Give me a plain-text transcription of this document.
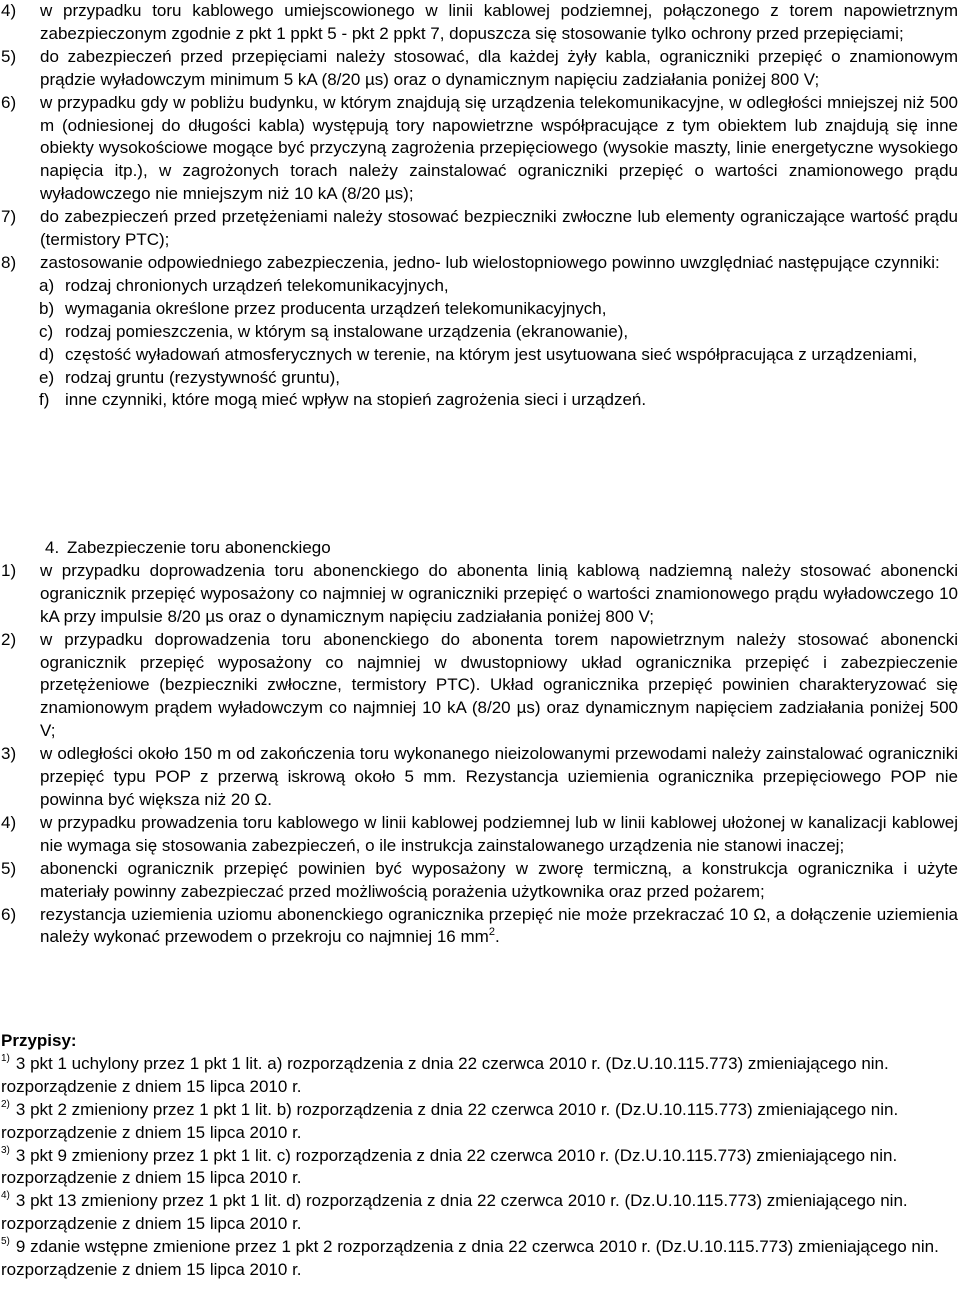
4)	w przypadku toru kablowego umiejscowionego w linii kablowej podziemnej, połączonego z torem napowietrznym zabezpieczonym zgodnie z pkt 1 ppkt 5 - pkt 2 ppkt 7, dopuszcza się stosowanie tylko ochrony przed przepięciami;
5)	do zabezpieczeń przed przepięciami należy stosować, dla każdej żyły kabla, ograniczniki przepięć o znamionowym prądzie wyładowczym minimum 5 kA (8/20 µs) oraz o dynamicznym napięciu zadziałania poniżej 800 V;
6)	w przypadku gdy w pobliżu budynku, w którym znajdują się urządzenia telekomunikacyjne, w odległości mniejszej niż 500 m (odniesionej do długości kabla) występują tory napowietrzne współpracujące z tym obiektem lub znajdują się inne obiekty wysokościowe mogące być przyczyną zagrożenia przepięciowego (wysokie maszty, linie energetyczne wysokiego napięcia itp.), w zagrożonych torach należy zainstalować ograniczniki przepięć o wartości znamionowego prądu wyładowczego nie mniejszym niż 10 kA (8/20 µs);
7)	do zabezpieczeń przed przetężeniami należy stosować bezpieczniki zwłoczne lub elementy ograniczające wartość prądu (termistory PTC);
8)	zastosowanie odpowiedniego zabezpieczenia, jedno- lub wielostopniowego powinno uwzględniać następujące czynniki:
a) rodzaj chronionych urządzeń telekomunikacyjnych,
b) wymagania określone przez producenta urządzeń telekomunikacyjnych,
c) rodzaj pomieszczenia, w którym są instalowane urządzenia (ekranowanie),
d) częstość wyładowań atmosferycznych w terenie, na którym jest usytuowana sieć współpracująca z urządzeniami,
e) rodzaj gruntu (rezystywność gruntu),
f) inne czynniki, które mogą mieć wpływ na stopień zagrożenia sieci i urządzeń.
4. Zabezpieczenie toru abonenckiego
1)	w przypadku doprowadzenia toru abonenckiego do abonenta linią kablową nadziemną należy stosować abonencki ogranicznik przepięć wyposażony co najmniej w ograniczniki przepięć o wartości znamionowego prądu wyładowczego 10 kA przy impulsie 8/20 µs oraz o dynamicznym napięciu zadziałania poniżej 800 V;
2)	w przypadku doprowadzenia toru abonenckiego do abonenta torem napowietrznym należy stosować abonencki ogranicznik przepięć wyposażony co najmniej w dwustopniowy układ ogranicznika przepięć i zabezpieczenie przetężeniowe (bezpieczniki zwłoczne, termistory PTC). Układ ogranicznika przepięć powinien charakteryzować się znamionowym prądem wyładowczym co najmniej 10 kA (8/20 µs) oraz dynamicznym napięciem zadziałania poniżej 500 V;
3)	w odległości około 150 m od zakończenia toru wykonanego nieizolowanymi przewodami należy zainstalować ograniczniki przepięć typu POP z przerwą iskrową około 5 mm. Rezystancja uziemienia ogranicznika przepięciowego POP nie powinna być większa niż 20 Ω.
4)	w przypadku prowadzenia toru kablowego w linii kablowej podziemnej lub w linii kablowej ułożonej w kanalizacji kablowej nie wymaga się stosowania zabezpieczeń, o ile instrukcja zainstalowanego urządzenia nie stanowi inaczej;
5)	abonencki ogranicznik przepięć powinien być wyposażony w zworę termiczną, a konstrukcja ogranicznika i użyte materiały powinny zabezpieczać przed możliwością porażenia użytkownika oraz przed pożarem;
6)	rezystancja uziemienia uziomu abonenckiego ogranicznika przepięć nie może przekraczać 10 Ω, a dołączenie uziemienia należy wykonać przewodem o przekroju co najmniej 16 $mm^2$.
Przypisy:
$^{1)}$ 3 pkt 1 uchylony przez 1 pkt 1 lit. a) rozporządzenia z dnia 22 czerwca 2010 r. (Dz.U.10.115.773) zmieniającego nin. rozporządzenie z dniem 15 lipca 2010 r.
$^{2)}$ 3 pkt 2 zmieniony przez 1 pkt 1 lit. b) rozporządzenia z dnia 22 czerwca 2010 r. (Dz.U.10.115.773) zmieniającego nin. rozporządzenie z dniem 15 lipca 2010 r.
$^{3)}$ 3 pkt 9 zmieniony przez 1 pkt 1 lit. c) rozporządzenia z dnia 22 czerwca 2010 r. (Dz.U.10.115.773) zmieniającego nin. rozporządzenie z dniem 15 lipca 2010 r.
$^{4)}$ 3 pkt 13 zmieniony przez 1 pkt 1 lit. d) rozporządzenia z dnia 22 czerwca 2010 r. (Dz.U.10.115.773) zmieniającego nin. rozporządzenie z dniem 15 lipca 2010 r.
$^{5)}$ 9 zdanie wstępne zmienione przez 1 pkt 2 rozporządzenia z dnia 22 czerwca 2010 r. (Dz.U.10.115.773) zmieniającego nin. rozporządzenie z dniem 15 lipca 2010 r.
